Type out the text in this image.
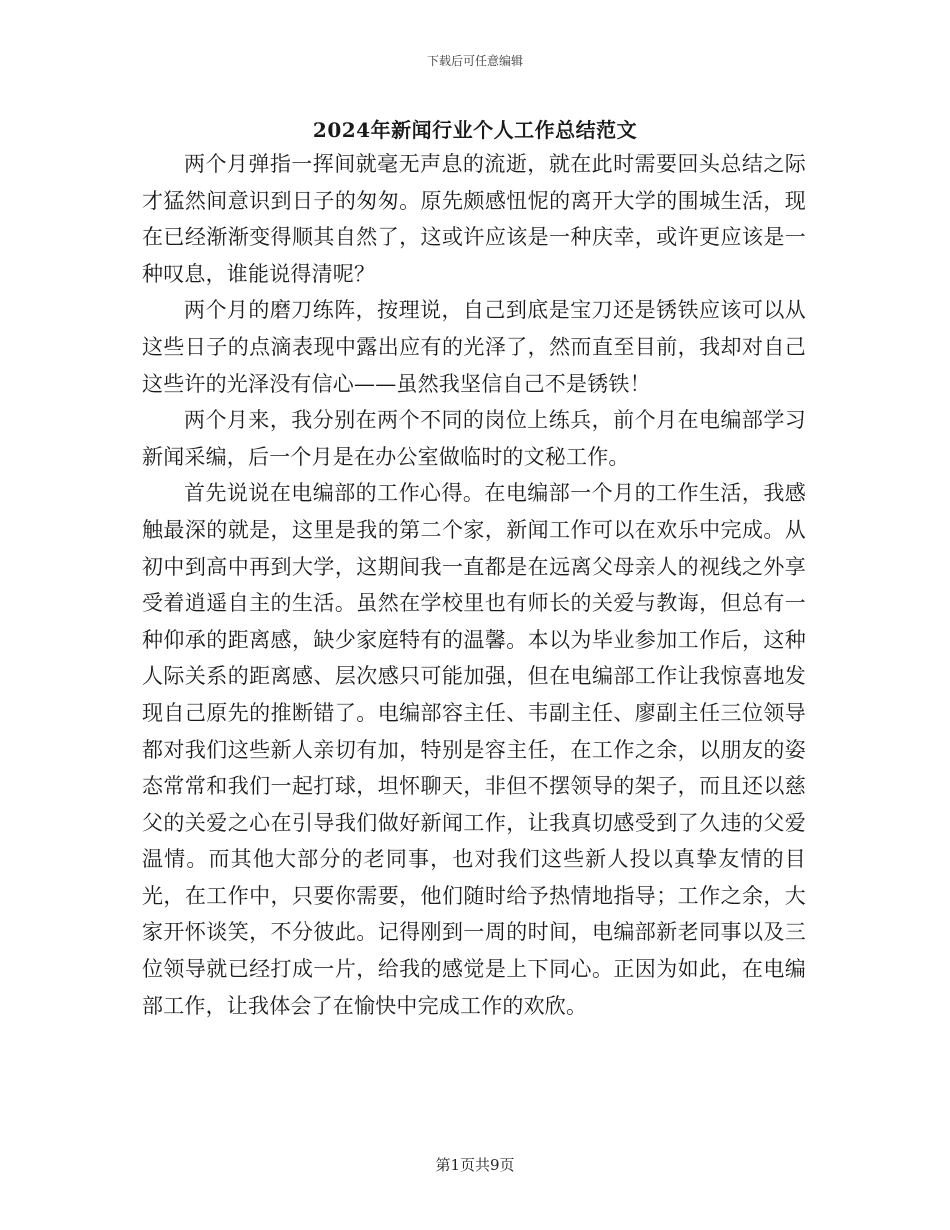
下载后可任意编辑
2024年新闻行业个人工作总结范文

两个月弹指一挥间就毫无声息的流逝，就在此时需要回头总结之际才猛然间意识到日子的匆匆。原先颇感忸怩的离开大学的围城生活，现在已经渐渐变得顺其自然了，这或许应该是一种庆幸，或许更应该是一种叹息，谁能说得清呢？

两个月的磨刀练阵，按理说，自己到底是宝刀还是锈铁应该可以从这些日子的点滴表现中露出应有的光泽了，然而直至目前，我却对自己这些许的光泽没有信心——虽然我坚信自己不是锈铁！

两个月来，我分别在两个不同的岗位上练兵，前个月在电编部学习新闻采编，后一个月是在办公室做临时的文秘工作。

首先说说在电编部的工作心得。在电编部一个月的工作生活，我感触最深的就是，这里是我的第二个家，新闻工作可以在欢乐中完成。从初中到高中再到大学，这期间我一直都是在远离父母亲人的视线之外享受着逍遥自主的生活。虽然在学校里也有师长的关爱与教诲，但总有一种仰承的距离感，缺少家庭特有的温馨。本以为毕业参加工作后，这种人际关系的距离感、层次感只可能加强，但在电编部工作让我惊喜地发现自己原先的推断错了。电编部容主任、韦副主任、廖副主任三位领导都对我们这些新人亲切有加，特别是容主任，在工作之余，以朋友的姿态常常和我们一起打球，坦怀聊天，非但不摆领导的架子，而且还以慈父的关爱之心在引导我们做好新闻工作，让我真切感受到了久违的父爱温情。而其他大部分的老同事，也对我们这些新人投以真挚友情的目光，在工作中，只要你需要，他们随时给予热情地指导；工作之余，大家开怀谈笑，不分彼此。记得刚到一周的时间，电编部新老同事以及三位领导就已经打成一片，给我的感觉是上下同心。正因为如此，在电编部工作，让我体会了在愉快中完成工作的欢欣。

第1页共9页
